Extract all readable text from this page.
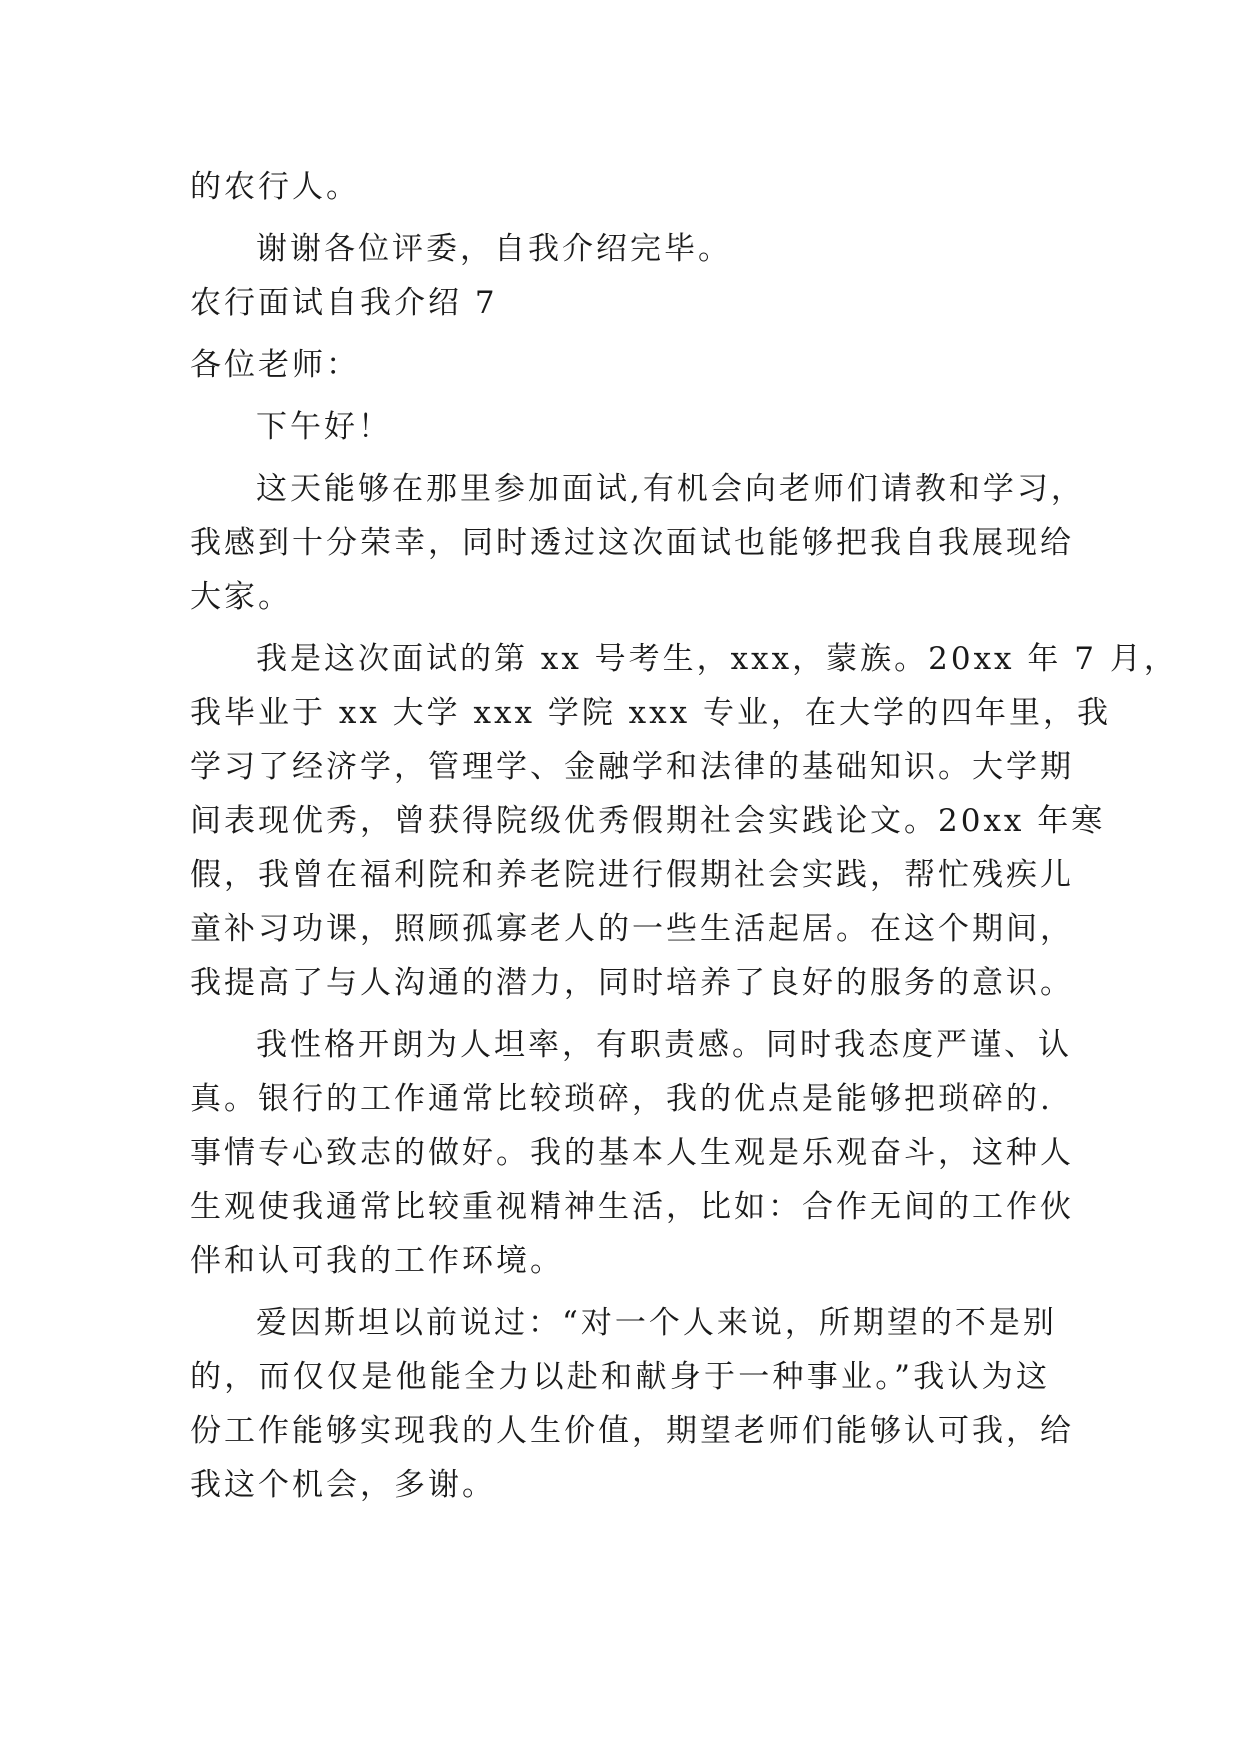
的农行人。
谢谢各位评委，自我介绍完毕。
农行面试自我介绍 7
各位老师：
下午好！
这天能够在那里参加面试,有机会向老师们请教和学习，
我感到十分荣幸，同时透过这次面试也能够把我自我展现给
大家。
我是这次面试的第 xx 号考生，xxx，蒙族。20xx 年 7 月，
我毕业于 xx 大学 xxx 学院 xxx 专业，在大学的四年里，我
学习了经济学，管理学、金融学和法律的基础知识。大学期
间表现优秀，曾获得院级优秀假期社会实践论文。20xx 年寒
假，我曾在福利院和养老院进行假期社会实践，帮忙残疾儿
童补习功课，照顾孤寡老人的一些生活起居。在这个期间，
我提高了与人沟通的潜力，同时培养了良好的服务的意识。
我性格开朗为人坦率，有职责感。同时我态度严谨、认
真。银行的工作通常比较琐碎，我的优点是能够把琐碎的.
事情专心致志的做好。我的基本人生观是乐观奋斗，这种人
生观使我通常比较重视精神生活，比如：合作无间的工作伙
伴和认可我的工作环境。
爱因斯坦以前说过：“对一个人来说，所期望的不是别
的，而仅仅是他能全力以赴和献身于一种事业。”我认为这
份工作能够实现我的人生价值，期望老师们能够认可我，给
我这个机会，多谢。
